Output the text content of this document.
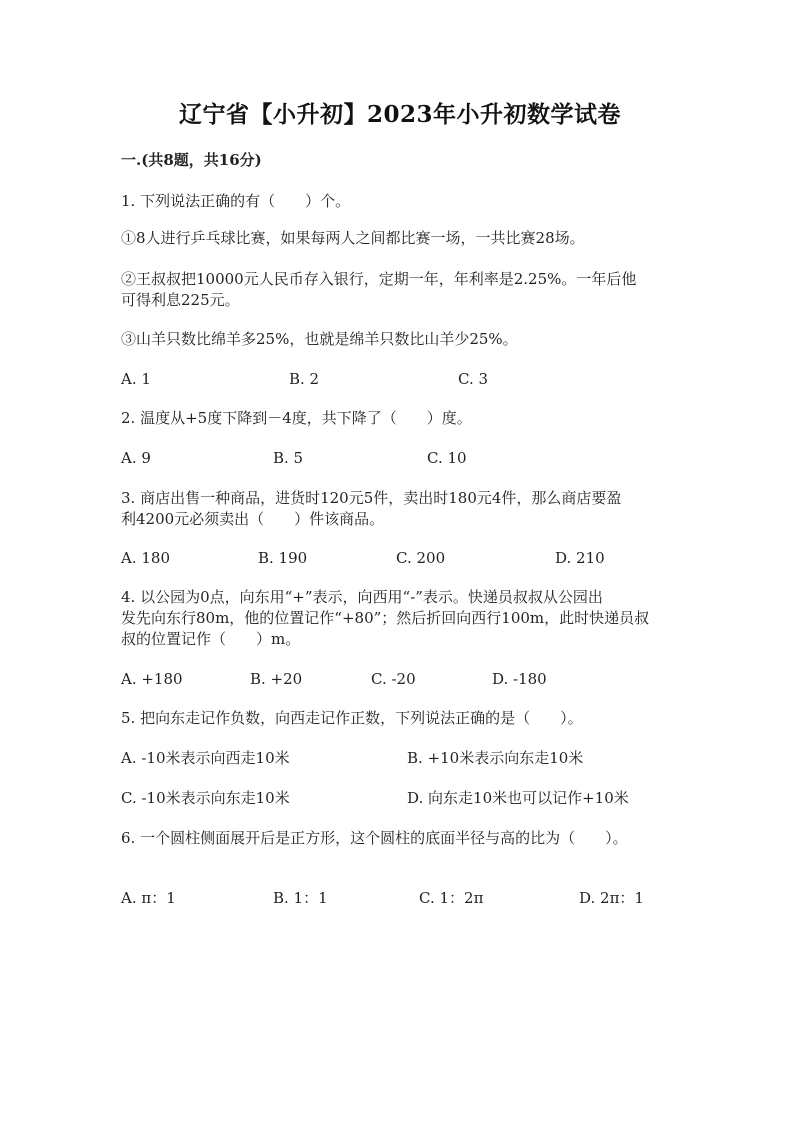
辽宁省【小升初】2023年小升初数学试卷
一.(共8题，共16分)
1. 下列说法正确的有（　　）个。
①8人进行乒乓球比赛，如果每两人之间都比赛一场，一共比赛28场。
②王叔叔把10000元人民币存入银行，定期一年，年利率是2.25%。一年后他
可得利息225元。
③山羊只数比绵羊多25%，也就是绵羊只数比山羊少25%。
A. 1	B. 2	C. 3
2. 温度从+5度下降到－4度，共下降了（　　）度。
A. 9	B. 5	C. 10
3. 商店出售一种商品，进货时120元5件，卖出时180元4件，那么商店要盈
利4200元必须卖出（　　）件该商品。
A. 180	B. 190	C. 200	D. 210
4. 以公园为0点，向东用“+”表示，向西用“-”表示。快递员叔叔从公园出
发先向东行80m，他的位置记作“+80”；然后折回向西行100m，此时快递员叔
叔的位置记作（　　）m。
A. +180	B. +20	C. -20	D. -180
5. 把向东走记作负数，向西走记作正数，下列说法正确的是（　　）。
A. -10米表示向西走10米	B. +10米表示向东走10米
C. -10米表示向东走10米	D. 向东走10米也可以记作+10米
6. 一个圆柱侧面展开后是正方形，这个圆柱的底面半径与高的比为（　　）。
A. π：1	B. 1：1	C. 1：2π	D. 2π：1
